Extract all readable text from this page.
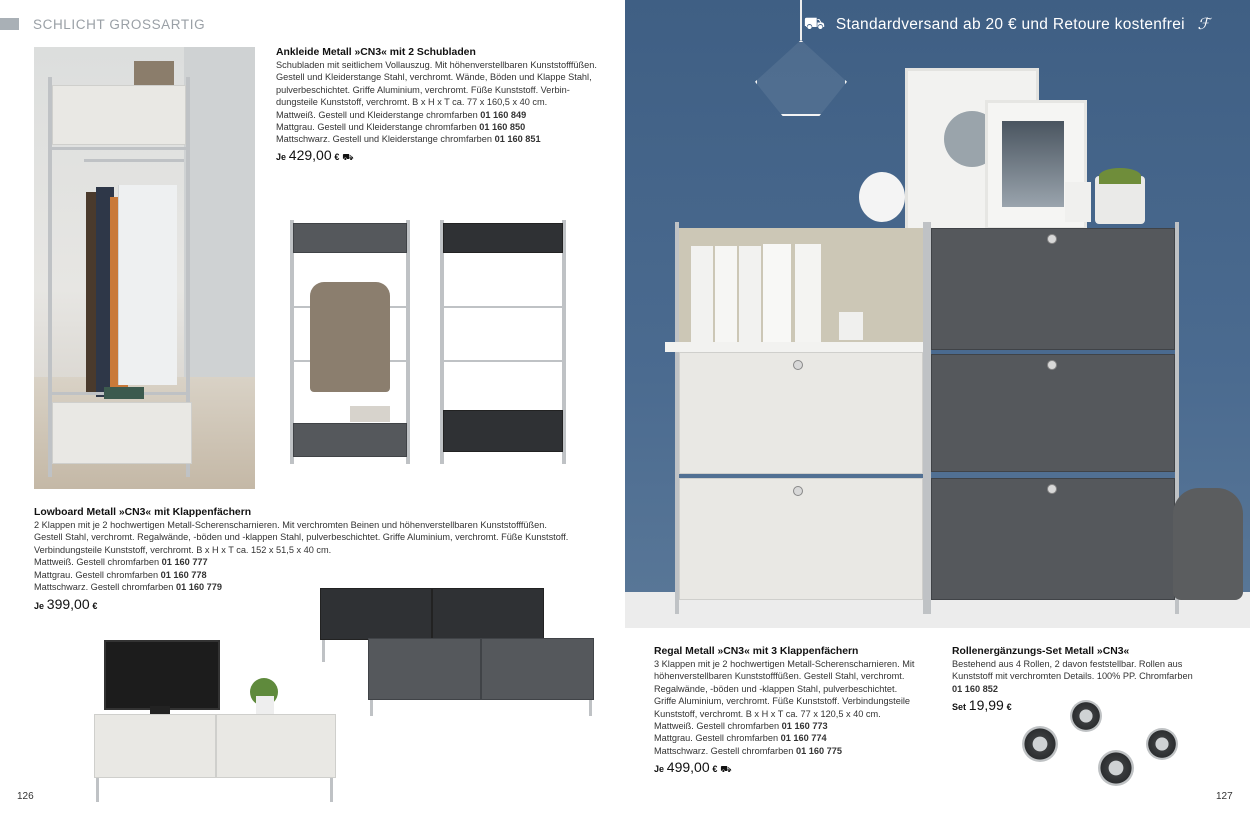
SCHLICHT GROSSARTIG
Ankleide Metall »CN3« mit 2 Schubladen
Schubladen mit seitlichem Vollauszug. Mit höhenverstellbaren Kunststofffüßen.
Gestell und Kleiderstange Stahl, verchromt. Wände, Böden und Klappe Stahl,
pulverbeschichtet. Griffe Aluminium, verchromt. Füße Kunststoff. Verbin-
dungsteile Kunststoff, verchromt. B x H x T ca. 77 x 160,5 x 40 cm.
Mattweiß. Gestell und Kleiderstange chromfarben 01 160 849
Mattgrau. Gestell und Kleiderstange chromfarben 01 160 850
Mattschwarz. Gestell und Kleiderstange chromfarben 01 160 851
Je 429,00 € ⛟
Lowboard Metall »CN3« mit Klappenfächern
2 Klappen mit je 2 hochwertigen Metall-Scherenscharnieren. Mit verchromten Beinen und höhenverstellbaren Kunststofffüßen.
Gestell Stahl, verchromt. Regalwände, -böden und -klappen Stahl, pulverbeschichtet. Griffe Aluminium, verchromt. Füße Kunststoff.
Verbindungsteile Kunststoff, verchromt. B x H x T ca. 152 x 51,5 x 40 cm.
Mattweiß. Gestell chromfarben 01 160 777
Mattgrau. Gestell chromfarben 01 160 778
Mattschwarz. Gestell chromfarben 01 160 779
Je 399,00 €
126
⛟ Standardversand ab 20 € und Retoure kostenfrei ℱ
Regal Metall »CN3« mit 3 Klappenfächern
3 Klappen mit je 2 hochwertigen Metall-Scherenscharnieren. Mit
höhenverstellbaren Kunststofffüßen. Gestell Stahl, verchromt.
Regalwände, -böden und -klappen Stahl, pulverbeschichtet.
Griffe Aluminium, verchromt. Füße Kunststoff. Verbindungsteile
Kunststoff, verchromt. B x H x T ca. 77 x 120,5 x 40 cm.
Mattweiß. Gestell chromfarben 01 160 773
Mattgrau. Gestell chromfarben 01 160 774
Mattschwarz. Gestell chromfarben 01 160 775
Je 499,00 € ⛟
Rollenergänzungs-Set Metall »CN3«
Bestehend aus 4 Rollen, 2 davon feststellbar. Rollen aus
Kunststoff mit verchromten Details. 100% PP. Chromfarben
01 160 852
Set 19,99 €
127
